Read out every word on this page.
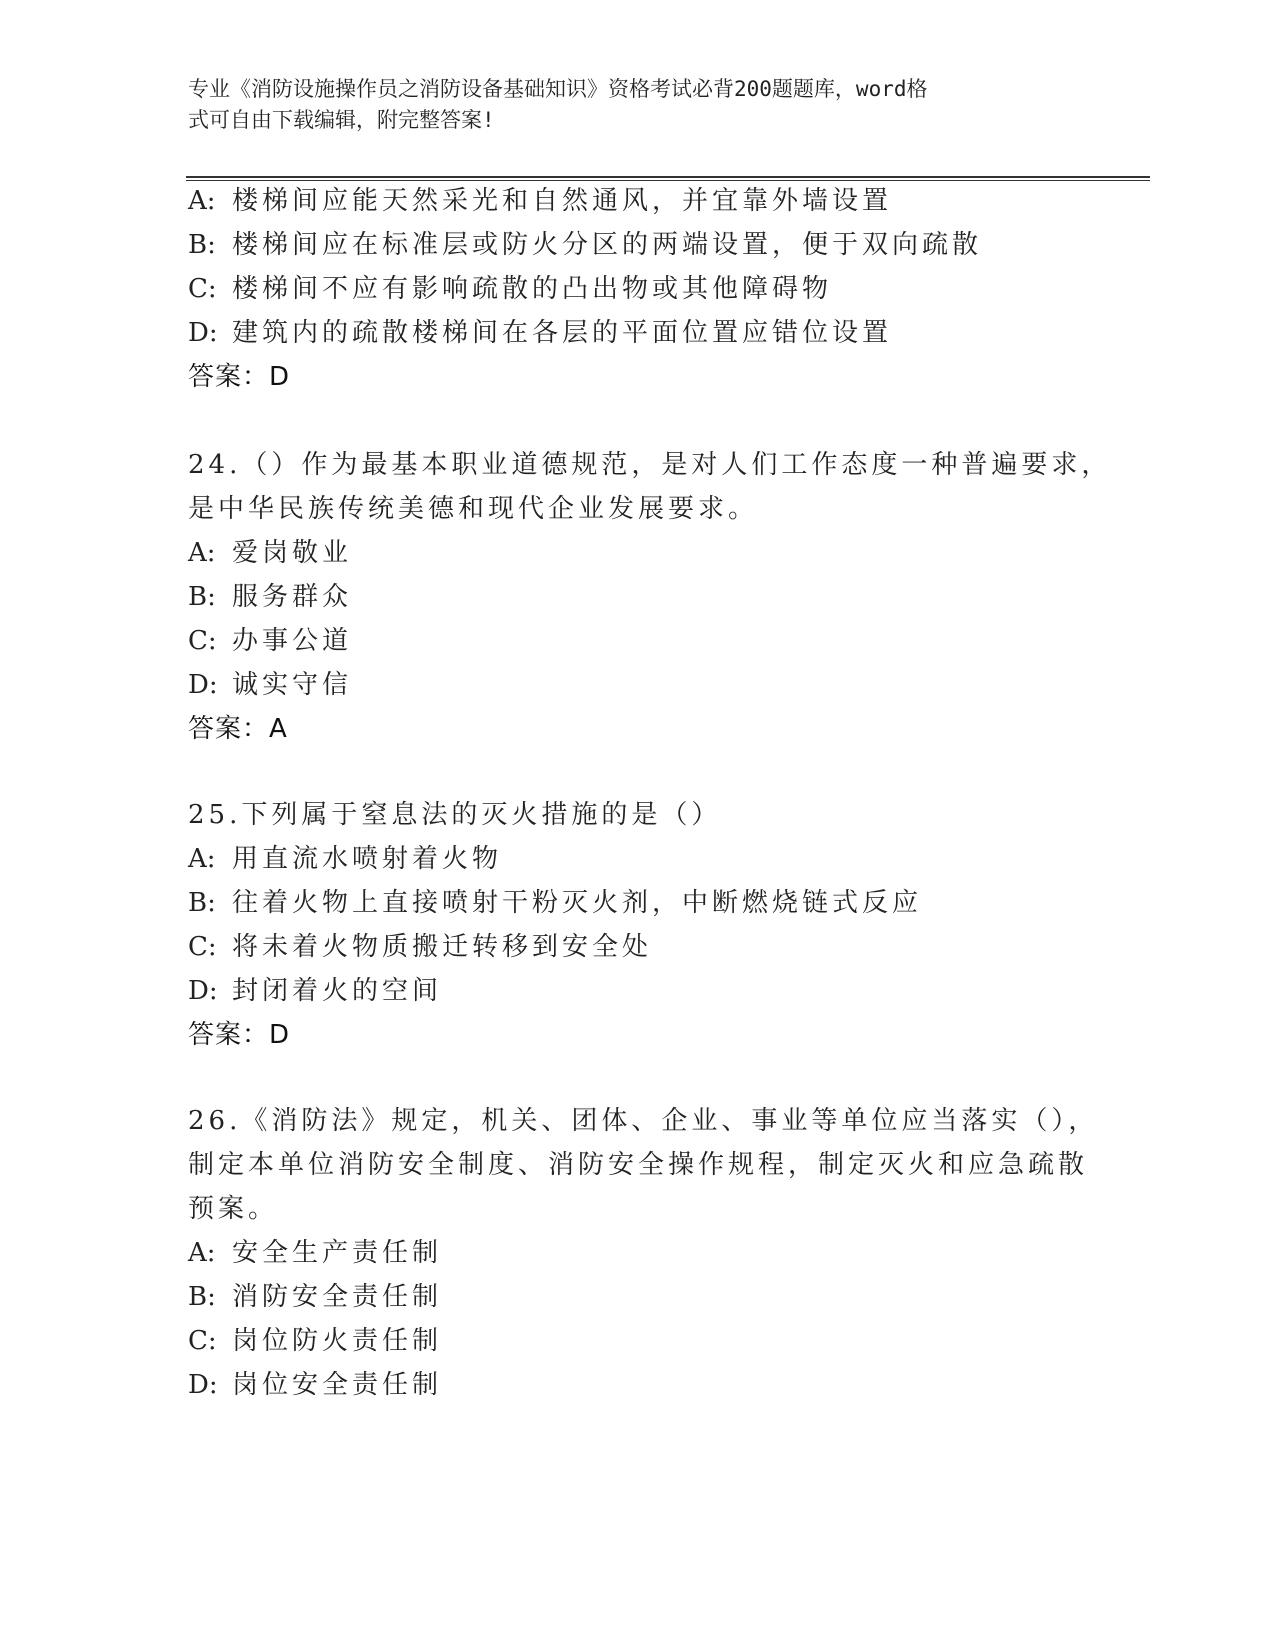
专业《消防设施操作员之消防设备基础知识》资格考试必背200题题库，word格
式可自由下载编辑，附完整答案!
A: 楼梯间应能天然采光和自然通风，并宜靠外墙设置
B: 楼梯间应在标准层或防火分区的两端设置，便于双向疏散
C: 楼梯间不应有影响疏散的凸出物或其他障碍物
D: 建筑内的疏散楼梯间在各层的平面位置应错位设置
答案：D
24.（）作为最基本职业道德规范，是对人们工作态度一种普遍要求，
是中华民族传统美德和现代企业发展要求。
A: 爱岗敬业
B: 服务群众
C: 办事公道
D: 诚实守信
答案：A
25.下列属于窒息法的灭火措施的是（）
A: 用直流水喷射着火物
B: 往着火物上直接喷射干粉灭火剂，中断燃烧链式反应
C: 将未着火物质搬迁转移到安全处
D: 封闭着火的空间
答案：D
26.《消防法》规定，机关、团体、企业、事业等单位应当落实（），
制定本单位消防安全制度、消防安全操作规程，制定灭火和应急疏散
预案。
A: 安全生产责任制
B: 消防安全责任制
C: 岗位防火责任制
D: 岗位安全责任制
